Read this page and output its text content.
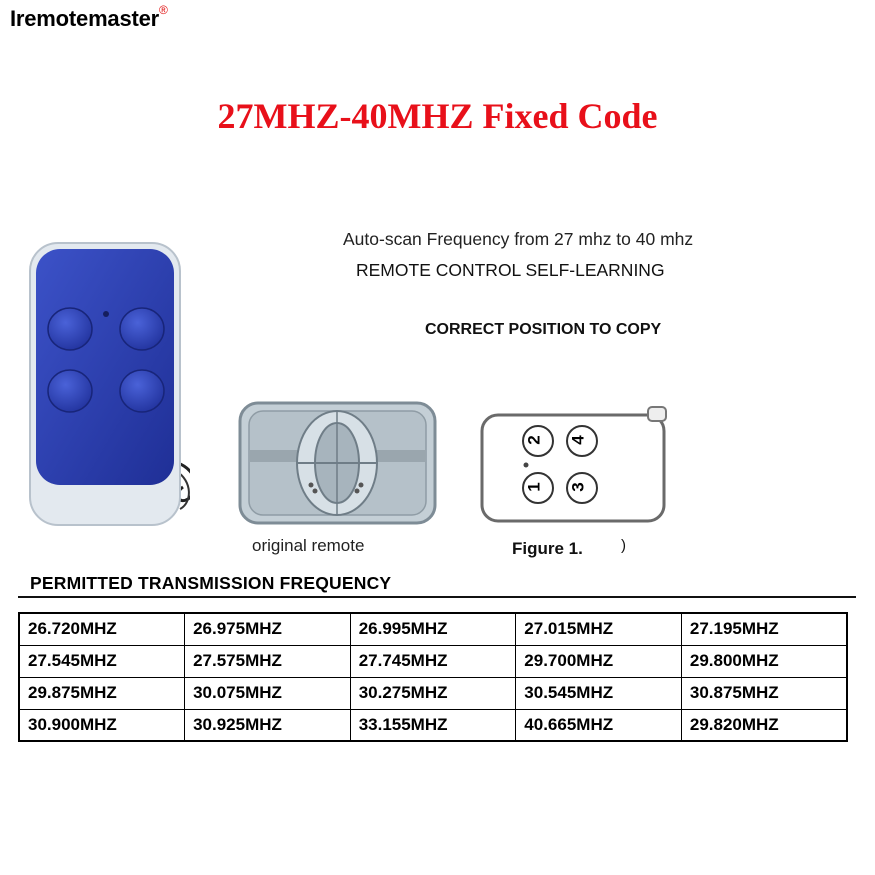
Iremotemaster®
27MHZ-40MHZ Fixed Code
Auto-scan Frequency from 27 mhz to 40 mhz
REMOTE CONTROL SELF-LEARNING
CORRECT POSITION TO COPY
2 4
1 3
original remote	Figure 1.	)
PERMITTED TRANSMISSION FREQUENCY
26.720MHZ	26.975MHZ	26.995MHZ	27.015MHZ	27.195MHZ
27.545MHZ	27.575MHZ	27.745MHZ	29.700MHZ	29.800MHZ
29.875MHZ	30.075MHZ	30.275MHZ	30.545MHZ	30.875MHZ
30.900MHZ	30.925MHZ	33.155MHZ	40.665MHZ	29.820MHZ
